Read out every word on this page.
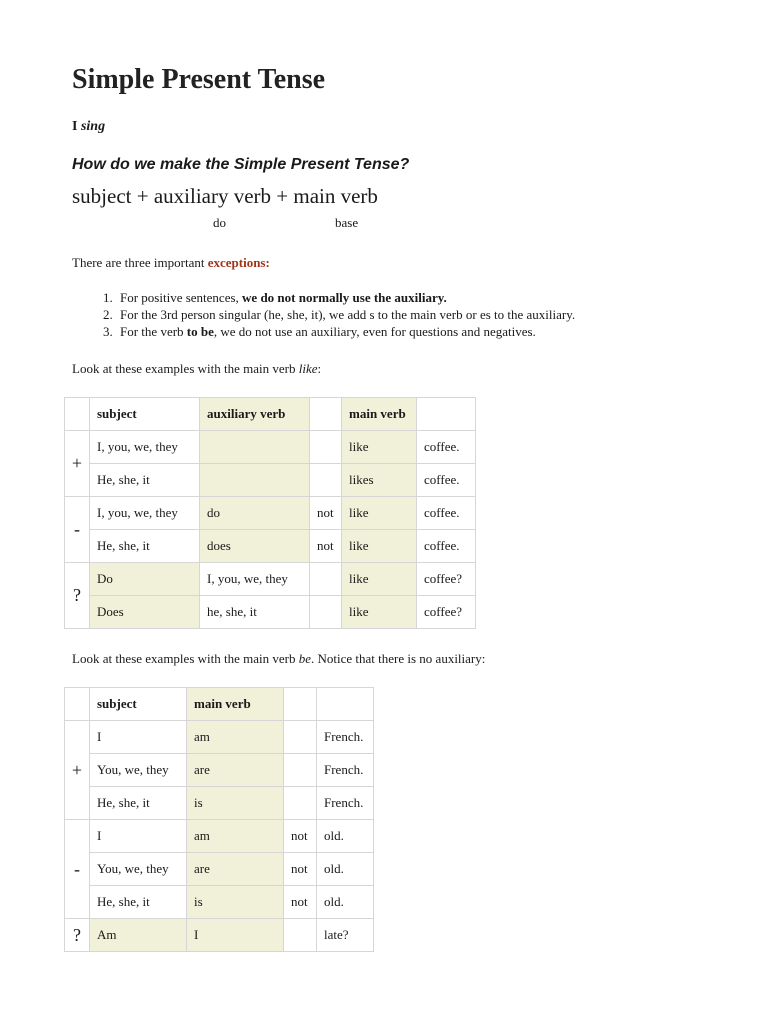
Simple Present Tense
I sing
How do we make the Simple Present Tense?
subject + auxiliary verb + main verb
do	base
There are three important exceptions:
1. For positive sentences, we do not normally use the auxiliary.
2. For the 3rd person singular (he, she, it), we add s to the main verb or es to the auxiliary.
3. For the verb to be, we do not use an auxiliary, even for questions and negatives.
Look at these examples with the main verb like:
	subject	auxiliary verb		main verb	
+	I, you, we, they			like	coffee.
	He, she, it			likes	coffee.
-	I, you, we, they	do	not	like	coffee.
	He, she, it	does	not	like	coffee.
?	Do	I, you, we, they		like	coffee?
	Does	he, she, it		like	coffee?
Look at these examples with the main verb be. Notice that there is no auxiliary:
	subject	main verb		
+	I	am		French.
	You, we, they	are		French.
	He, she, it	is		French.
-	I	am	not	old.
	You, we, they	are	not	old.
	He, she, it	is	not	old.
?	Am	I		late?
